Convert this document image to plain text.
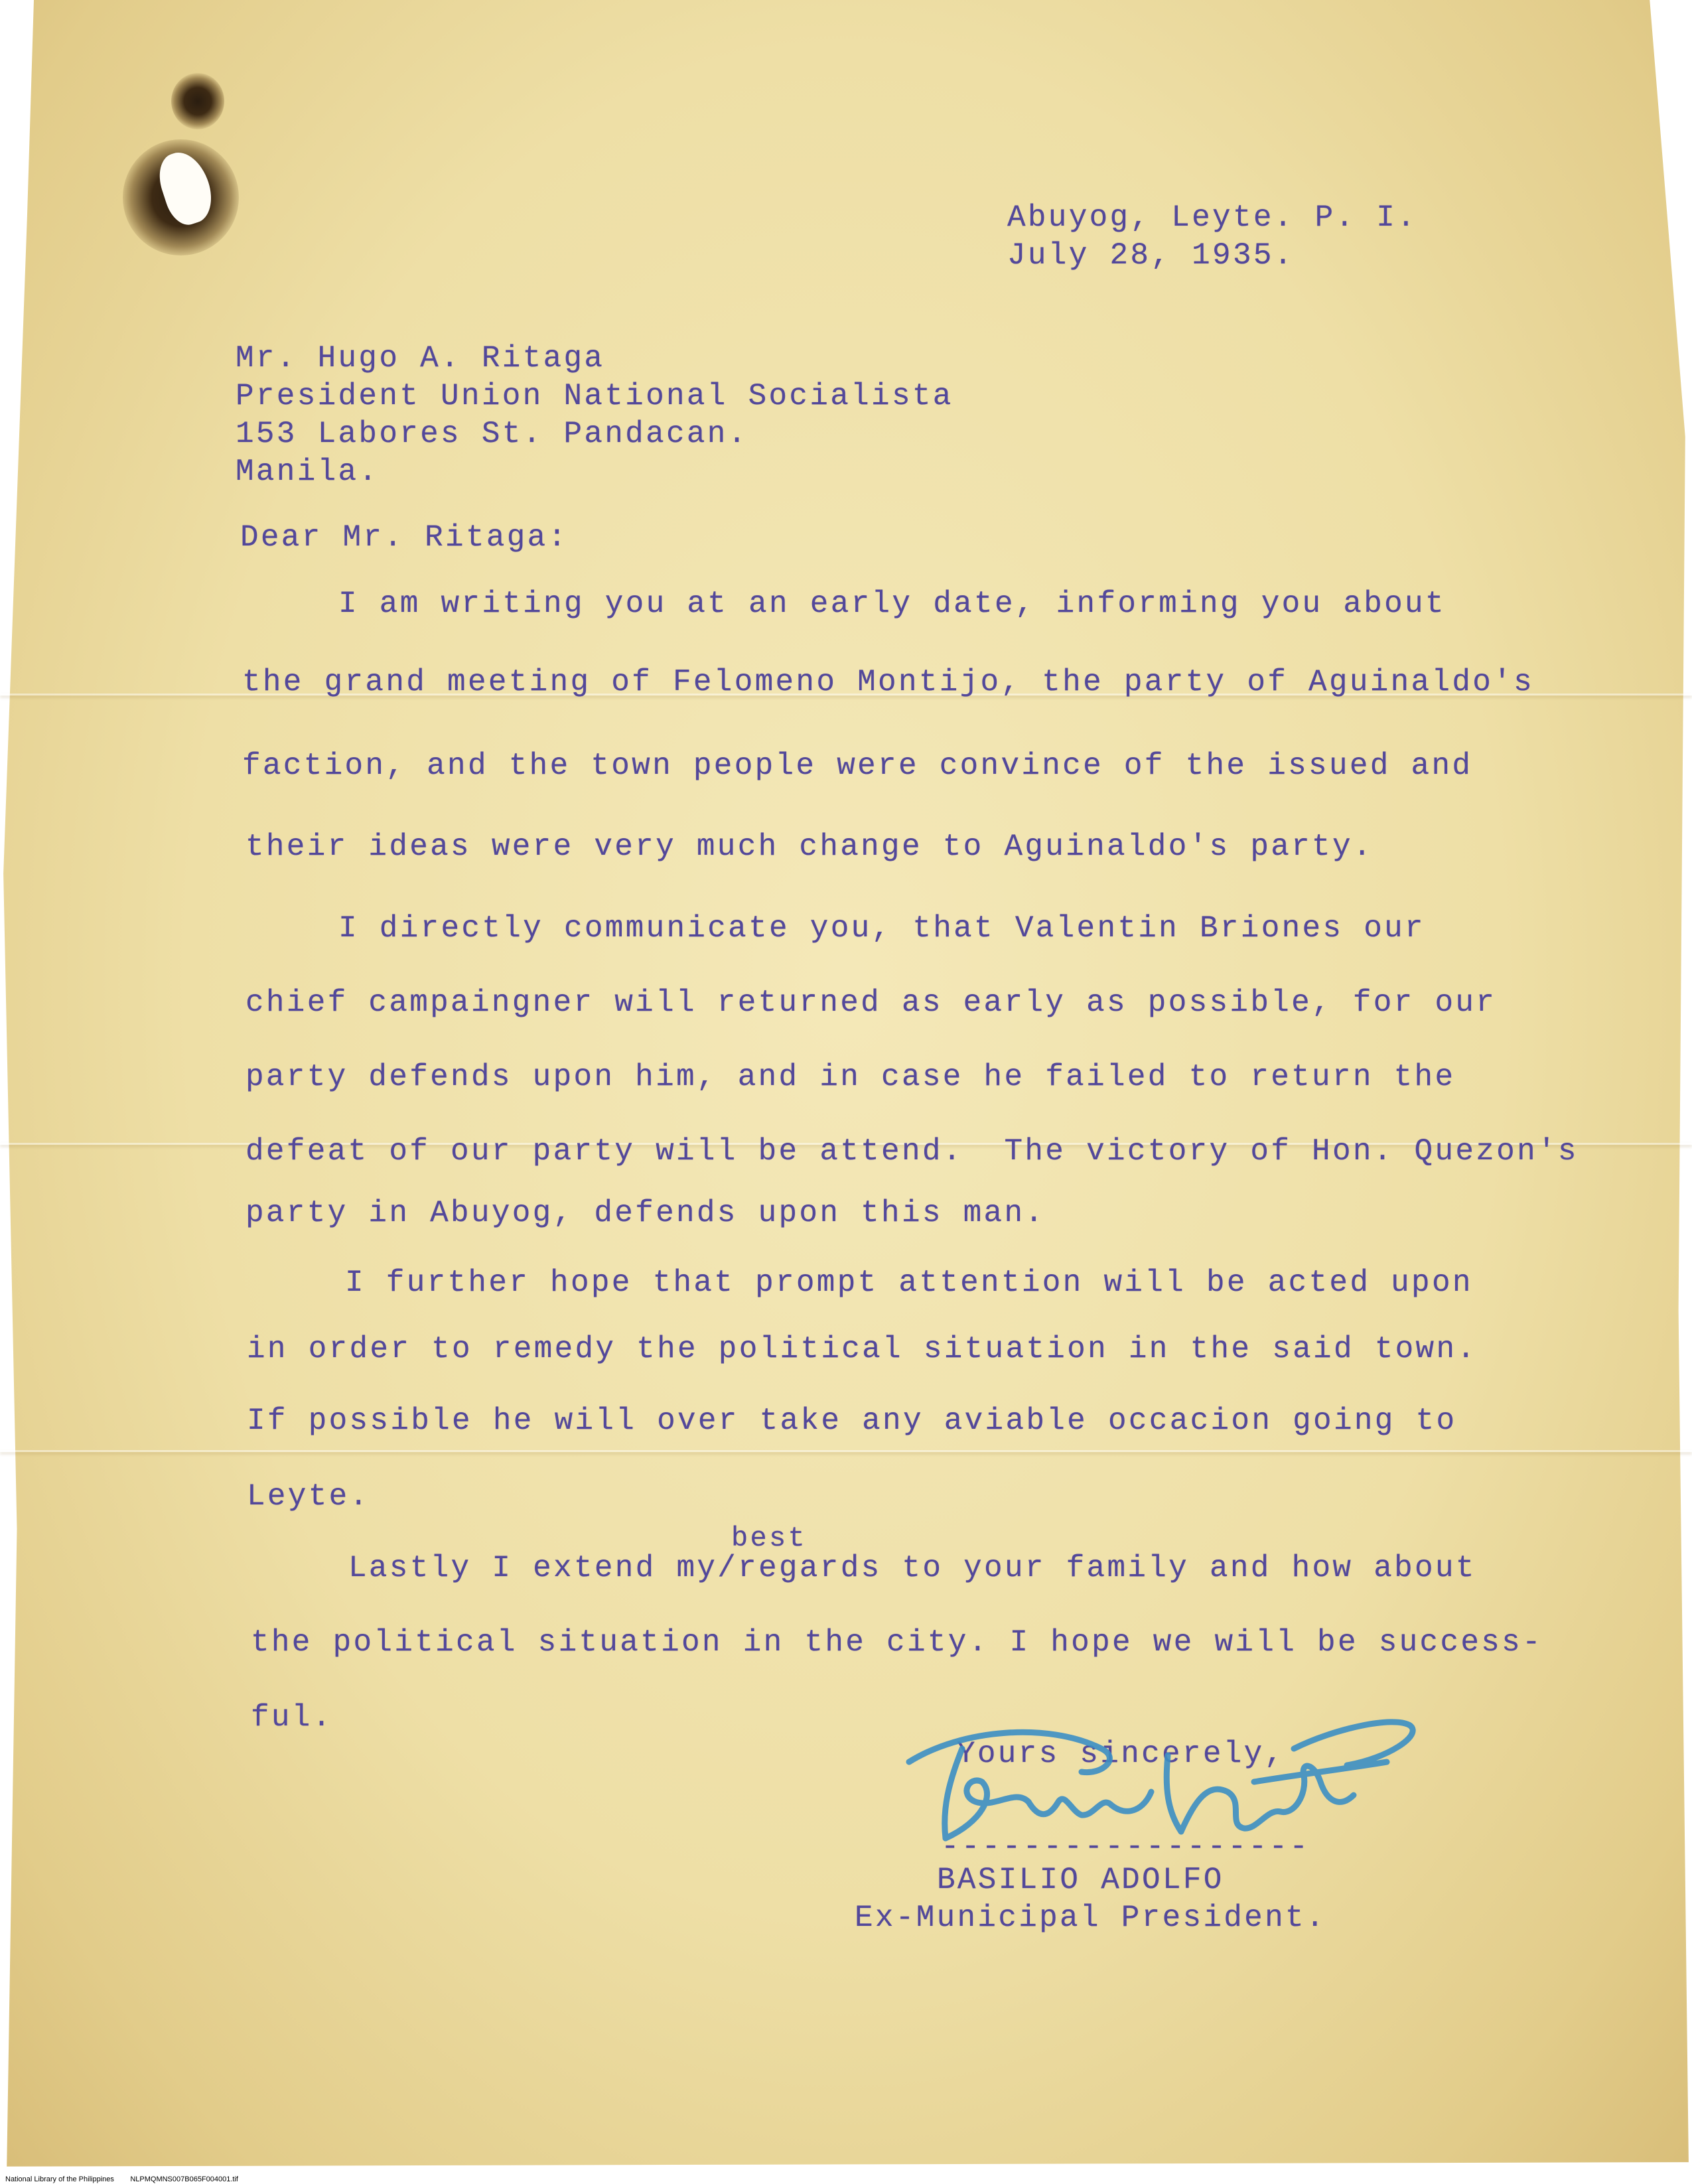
Abuyog, Leyte. P. I.
July 28, 1935.
Mr. Hugo A. Ritaga
President Union National Socialista
153 Labores St. Pandacan.
Manila.
Dear Mr. Ritaga:
I am writing you at an early date, informing you about
the grand meeting of Felomeno Montijo, the party of Aguinaldo's
faction, and the town people were convince of the issued and
their ideas were very much change to Aguinaldo's party.
I directly communicate you, that Valentin Briones our
chief campaingner will returned as early as possible, for our
party defends upon him, and in case he failed to return the
defeat of our party will be attend.  The victory of Hon. Quezon's
party in Abuyog, defends upon this man.
I further hope that prompt attention will be acted upon
in order to remedy the political situation in the said town.
If possible he will over take any aviable occacion going to
Leyte.
best
Lastly I extend my/regards to your family and how about
the political situation in the city. I hope we will be success-
ful.
Yours sincerely,
------------------
BASILIO ADOLFO
Ex-Municipal President.
National Library of the Philippines NLPMQMNS007B065F004001.tif
